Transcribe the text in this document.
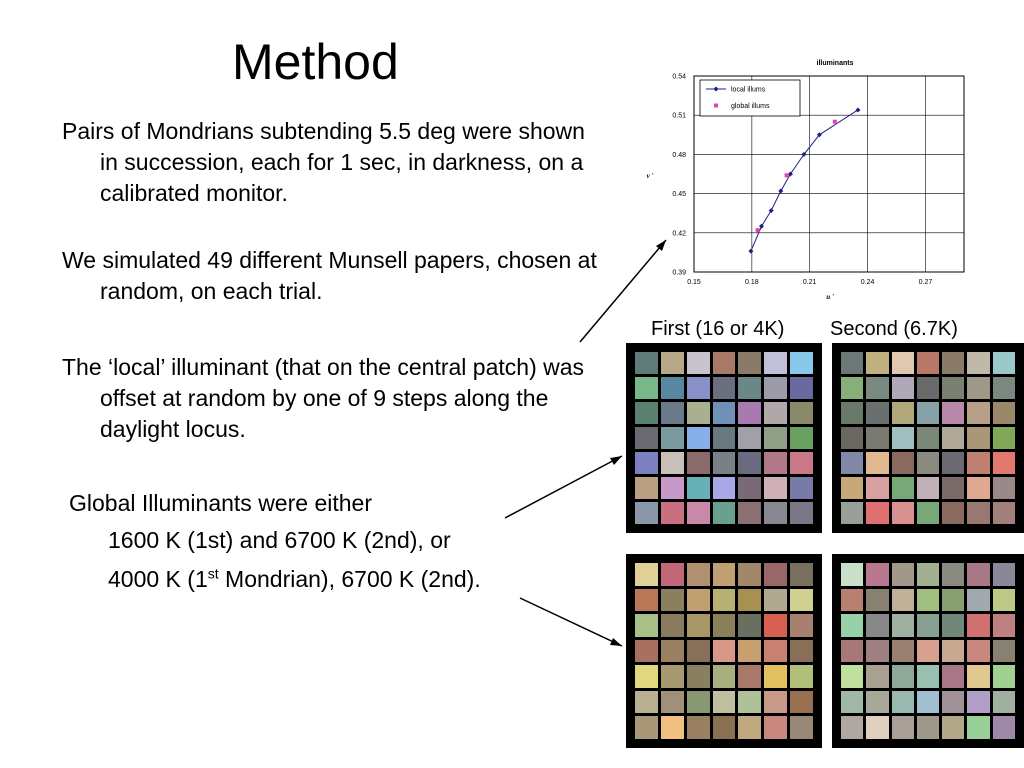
Method
Pairs of Mondrians subtending 5.5 deg were shown in succession, each for 1 sec, in darkness, on a calibrated monitor.
We simulated 49 different Munsell papers, chosen at random, on each trial.
The ‘local’ illuminant (that on the central patch) was offset at random by one of 9 steps along the daylight locus.
Global Illuminants were either
1600 K (1st) and 6700 K (2nd), or
4000 K (1st Mondrian), 6700 K (2nd).
illuminants
0.39
0.42
0.45
0.48
0.51
0.54
0.15	0.18	0.21	0.24	0.27
u '
v '
local illums
global illums
First (16 or 4K) Second (6.7K)
